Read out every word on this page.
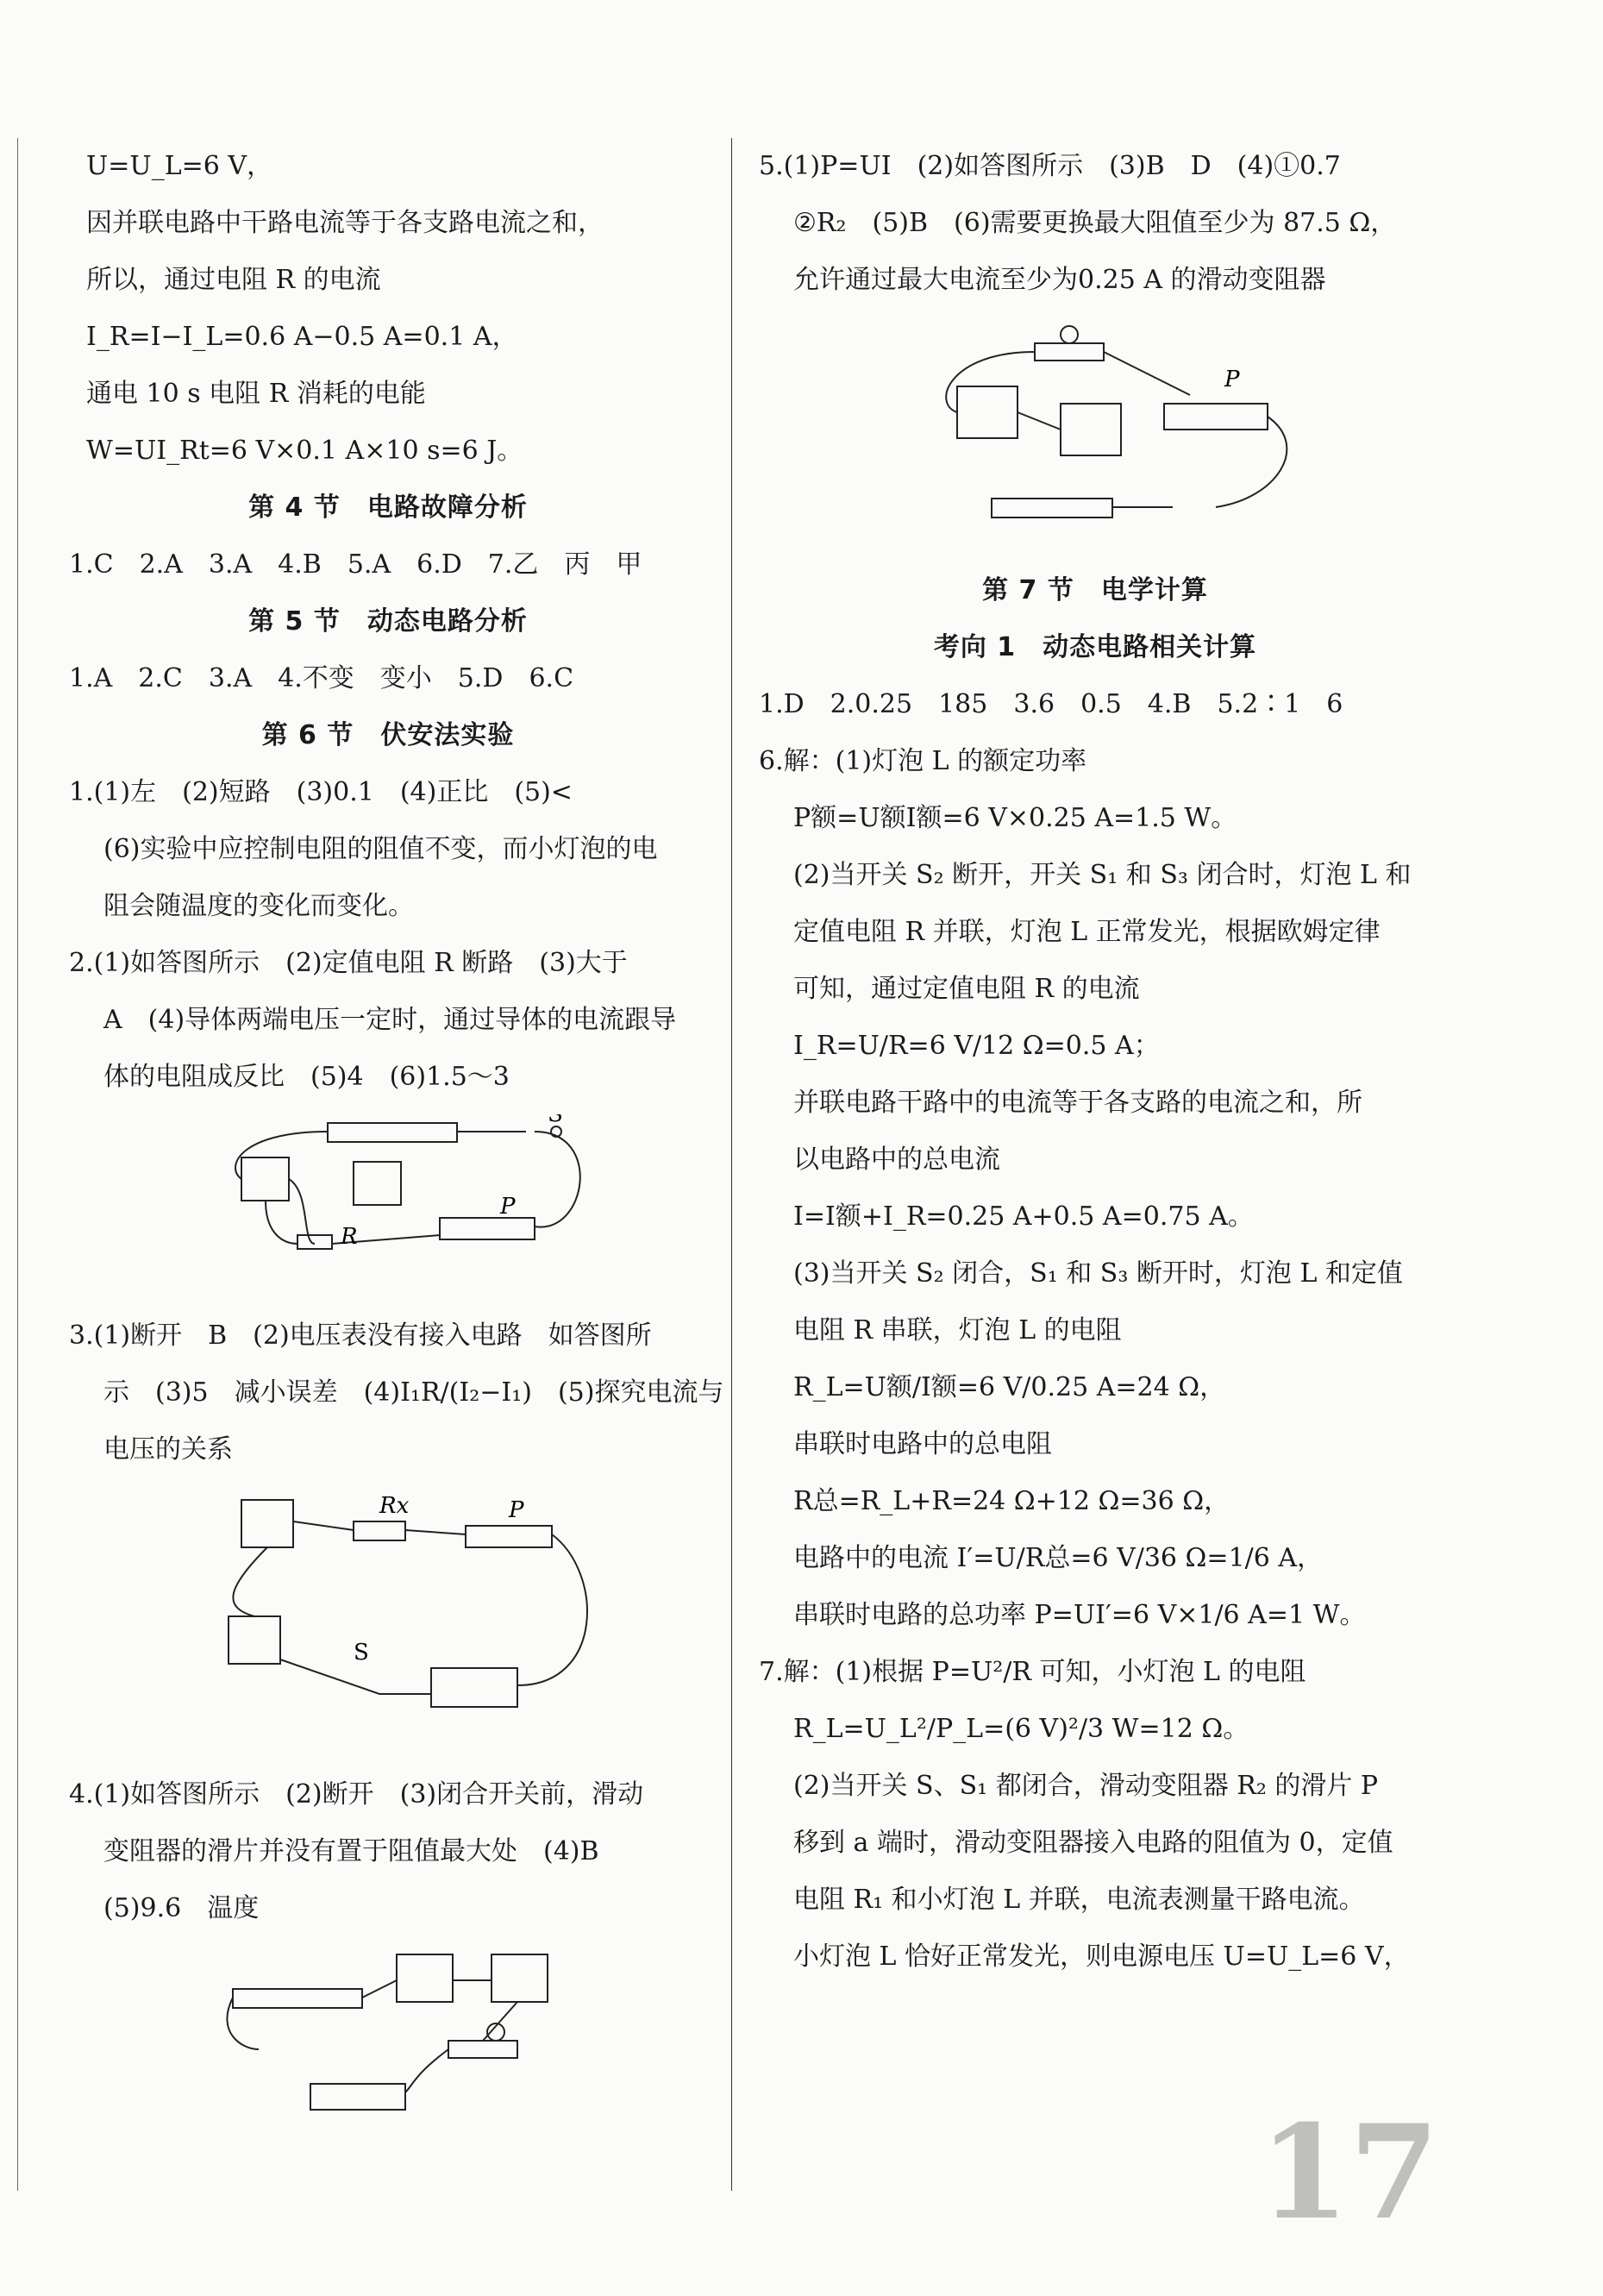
U=U_L=6 V，
因并联电路中干路电流等于各支路电流之和，
所以，通过电阻 R 的电流
I_R=I−I_L=0.6 A−0.5 A=0.1 A，
通电 10 s 电阻 R 消耗的电能
W=UI_Rt=6 V×0.1 A×10 s=6 J。
第 4 节　电路故障分析
1.C　2.A　3.A　4.B　5.A　6.D　7.乙　丙　甲
第 5 节　动态电路分析
1.A　2.C　3.A　4.不变　变小　5.D　6.C
第 6 节　伏安法实验
1.(1)左　(2)短路　(3)0.1　(4)正比　(5)<
(6)实验中应控制电阻的阻值不变，而小灯泡的电
阻会随温度的变化而变化。
2.(1)如答图所示　(2)定值电阻 R 断路　(3)大于
A　(4)导体两端电压一定时，通过导体的电流跟导
体的电阻成反比　(5)4　(6)1.5～3
S
R
P
3.(1)断开　B　(2)电压表没有接入电路　如答图所
示　(3)5　减小误差　(4)I₁R/(I₂−I₁)　(5)探究电流与
电压的关系
Rx	P
S
4.(1)如答图所示　(2)断开　(3)闭合开关前，滑动
变阻器的滑片并没有置于阻值最大处　(4)B
(5)9.6　温度
5.(1)P=UI　(2)如答图所示　(3)B　D　(4)①0.7
②R₂　(5)B　(6)需要更换最大阻值至少为 87.5 Ω，
允许通过最大电流至少为0.25 A 的滑动变阻器
P
第 7 节　电学计算
考向 1　动态电路相关计算
1.D　2.0.25　185　3.6　0.5　4.B　5.2∶1　6
6.解：(1)灯泡 L 的额定功率
P额=U额I额=6 V×0.25 A=1.5 W。
(2)当开关 S₂ 断开，开关 S₁ 和 S₃ 闭合时，灯泡 L 和
定值电阻 R 并联，灯泡 L 正常发光，根据欧姆定律
可知，通过定值电阻 R 的电流
I_R=U/R=6 V/12 Ω=0.5 A；
并联电路干路中的电流等于各支路的电流之和，所
以电路中的总电流
I=I额+I_R=0.25 A+0.5 A=0.75 A。
(3)当开关 S₂ 闭合，S₁ 和 S₃ 断开时，灯泡 L 和定值
电阻 R 串联，灯泡 L 的电阻
R_L=U额/I额=6 V/0.25 A=24 Ω，
串联时电路中的总电阻
R总=R_L+R=24 Ω+12 Ω=36 Ω，
电路中的电流 I′=U/R总=6 V/36 Ω=1/6 A，
串联时电路的总功率 P=UI′=6 V×1/6 A=1 W。
7.解：(1)根据 P=U²/R 可知，小灯泡 L 的电阻
R_L=U_L²/P_L=(6 V)²/3 W=12 Ω。
(2)当开关 S、S₁ 都闭合，滑动变阻器 R₂ 的滑片 P
移到 a 端时，滑动变阻器接入电路的阻值为 0，定值
电阻 R₁ 和小灯泡 L 并联，电流表测量干路电流。
小灯泡 L 恰好正常发光，则电源电压 U=U_L=6 V，
17
